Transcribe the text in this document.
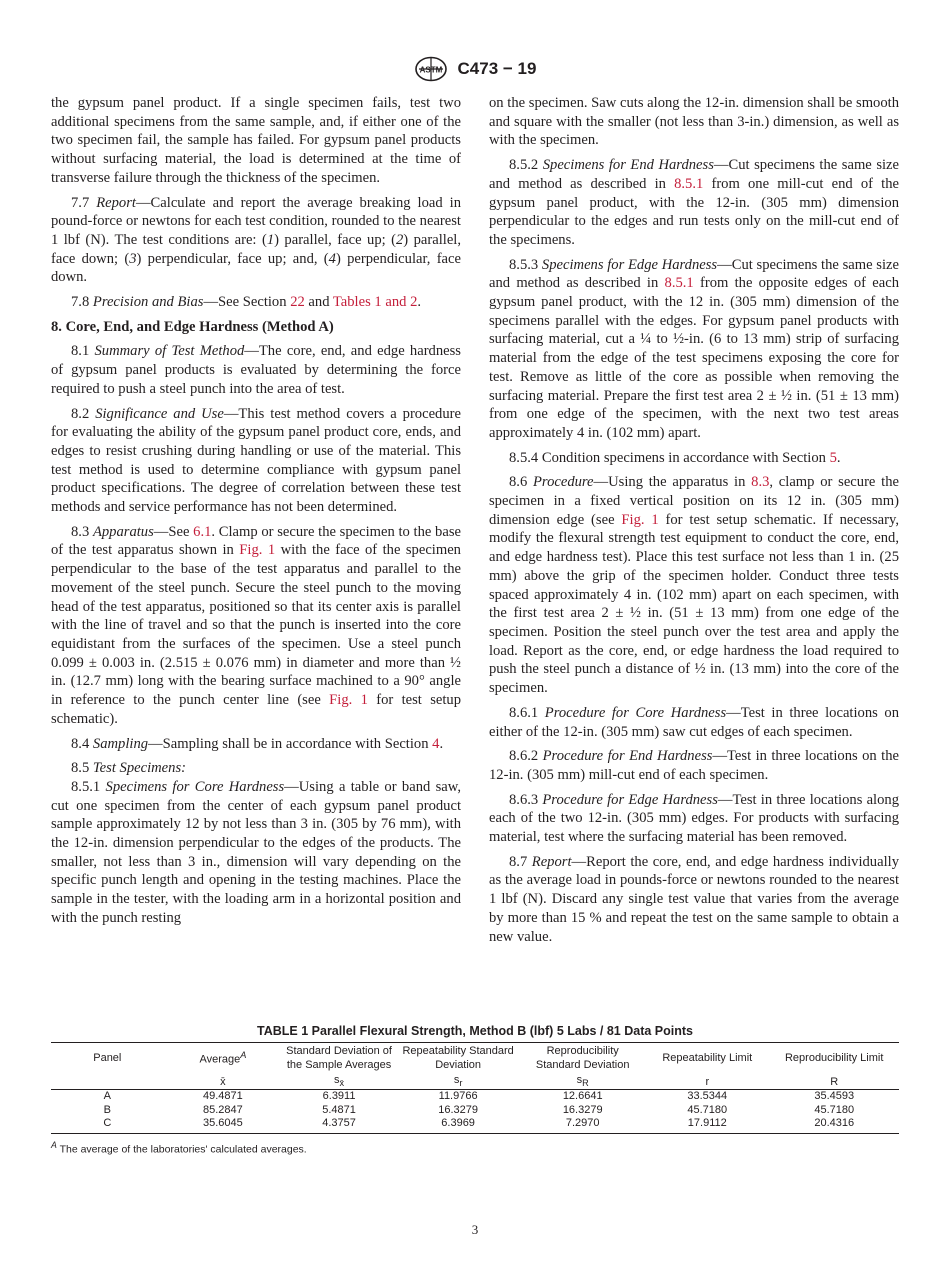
ASTM C473 − 19

the gypsum panel product. If a single specimen fails, test two additional specimens from the same sample, and, if either one of the two specimen fail, the sample has failed. For gypsum panel products without surfacing material, the load is determined at the time of transverse failure through the thickness of the specimen.

7.7 Report—Calculate and report the average breaking load in pound-force or newtons for each test condition, rounded to the nearest 1 lbf (N). The test conditions are: (1) parallel, face up; (2) parallel, face down; (3) perpendicular, face up; and, (4) perpendicular, face down.

7.8 Precision and Bias—See Section 22 and Tables 1 and 2.

8. Core, End, and Edge Hardness (Method A)

8.1 Summary of Test Method—The core, end, and edge hardness of gypsum panel products is evaluated by determining the force required to push a steel punch into the area of test.

8.2 Significance and Use—This test method covers a procedure for evaluating the ability of the gypsum panel product core, ends, and edges to resist crushing during handling or use of the material. This test method is used to determine compliance with gypsum panel product specifications. The degree of correlation between these test methods and service performance has not been determined.

8.3 Apparatus—See 6.1. Clamp or secure the specimen to the base of the test apparatus shown in Fig. 1 with the face of the specimen perpendicular to the base of the test apparatus and parallel to the movement of the steel punch. Secure the steel punch to the moving head of the test apparatus, positioned so that its center axis is parallel with the line of travel and so that the punch is inserted into the core equidistant from the surfaces of the specimen. Use a steel punch 0.099 ± 0.003 in. (2.515 ± 0.076 mm) in diameter and more than ½ in. (12.7 mm) long with the bearing surface machined to a 90° angle in reference to the punch center line (see Fig. 1 for test setup schematic).

8.4 Sampling—Sampling shall be in accordance with Section 4.

8.5 Test Specimens:

8.5.1 Specimens for Core Hardness—Using a table or band saw, cut one specimen from the center of each gypsum panel product sample approximately 12 by not less than 3 in. (305 by 76 mm), with the 12-in. dimension perpendicular to the edges of the products. The smaller, not less than 3 in., dimension will vary depending on the specific punch length and opening in the testing machines. Place the sample in the tester, with the loading arm in a horizontal position and with the punch resting

on the specimen. Saw cuts along the 12-in. dimension shall be smooth and square with the smaller (not less than 3-in.) dimension, as well as with the specimen.

8.5.2 Specimens for End Hardness—Cut specimens the same size and method as described in 8.5.1 from one mill-cut end of the gypsum panel product, with the 12-in. (305 mm) dimension perpendicular to the edges and run tests only on the mill-cut end of the specimens.

8.5.3 Specimens for Edge Hardness—Cut specimens the same size and method as described in 8.5.1 from the opposite edges of each gypsum panel product, with the 12 in. (305 mm) dimension of the specimens parallel with the edges. For gypsum panel products with surfacing material, cut a ¼ to ½-in. (6 to 13 mm) strip of surfacing material from the edge of the test specimens exposing the core for test. Remove as little of the core as possible when removing the surfacing material. Prepare the first test area 2 ± ½ in. (51 ± 13 mm) from one edge of the specimen, with the next two test areas approximately 4 in. (102 mm) apart.

8.5.4 Condition specimens in accordance with Section 5.

8.6 Procedure—Using the apparatus in 8.3, clamp or secure the specimen in a fixed vertical position on its 12 in. (305 mm) dimension edge (see Fig. 1 for test setup schematic. If necessary, modify the flexural strength test equipment to conduct the core, end, and edge hardness test). Place this test surface not less than 1 in. (25 mm) above the grip of the specimen holder. Conduct three tests spaced approximately 4 in. (102 mm) apart on each specimen, with the first test area 2 ± ½ in. (51 ± 13 mm) from one edge of the specimen. Position the steel punch over the test area and apply the load. Report as the core, end, or edge hardness the load required to push the steel punch a distance of ½ in. (13 mm) into the core of the specimen.

8.6.1 Procedure for Core Hardness—Test in three locations on either of the 12-in. (305 mm) saw cut edges of each specimen.

8.6.2 Procedure for End Hardness—Test in three locations on the 12-in. (305 mm) mill-cut end of each specimen.

8.6.3 Procedure for Edge Hardness—Test in three locations along each of the two 12-in. (305 mm) edges. For products with surfacing material, test where the surfacing material has been removed.

8.7 Report—Report the core, end, and edge hardness individually as the average load in pounds-force or newtons rounded to the nearest 1 lbf (N). Discard any single test value that varies from the average by more than 15 % and repeat the test on the same sample to obtain a new value.

TABLE 1 Parallel Flexural Strength, Method B (lbf) 5 Labs / 81 Data Points
Panel	Average$^A$	Standard Deviation of the Sample Averages	Repeatability Standard Deviation	Reproducibility Standard Deviation	Repeatability Limit	Reproducibility Limit
	x̄	$s_{x̄}$	$s_r$	$s_R$	r	R
A	49.4871	6.3911	11.9766	12.6641	33.5344	35.4593
B	85.2847	5.4871	16.3279	16.3279	45.7180	45.7180
C	35.6045	4.3757	6.3969	7.2970	17.9112	20.4316
$^A$ The average of the laboratories' calculated averages.
3
